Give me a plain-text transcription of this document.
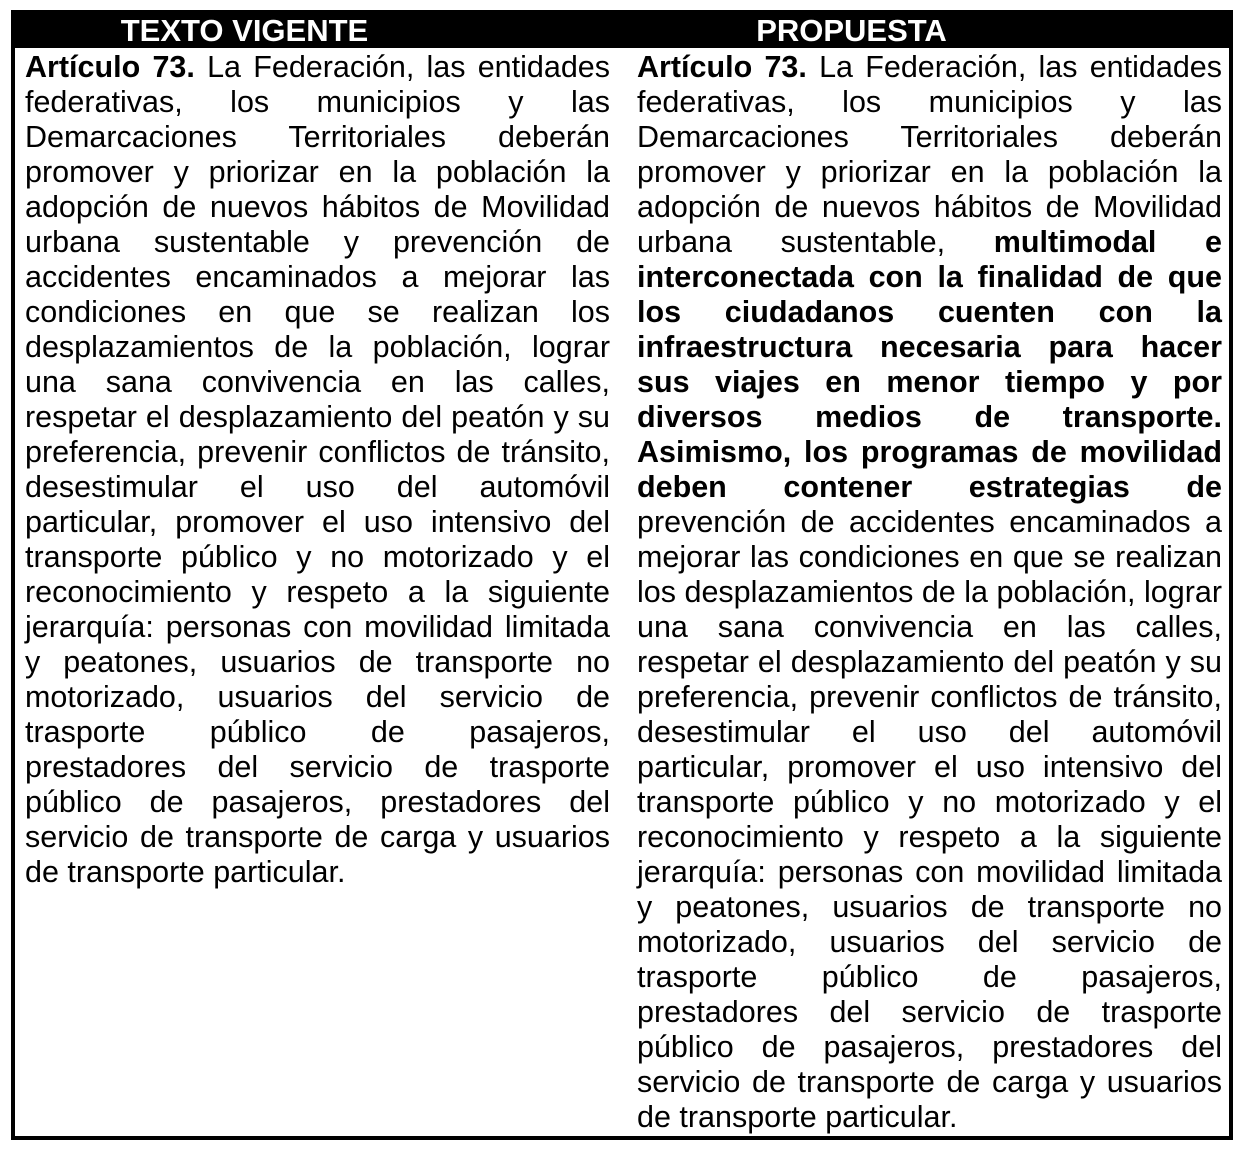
TEXTO VIGENTE	PROPUESTA

Artículo 73. La Federación, las entidades federativas, los municipios y las Demarcaciones Territoriales deberán promover y priorizar en la población la adopción de nuevos hábitos de Movilidad urbana sustentable y prevención de accidentes encaminados a mejorar las condiciones en que se realizan los desplazamientos de la población, lograr una sana convivencia en las calles, respetar el desplazamiento del peatón y su preferencia, prevenir conflictos de tránsito, desestimular el uso del automóvil particular, promover el uso intensivo del transporte público y no motorizado y el reconocimiento y respeto a la siguiente jerarquía: personas con movilidad limitada y peatones, usuarios de transporte no motorizado, usuarios del servicio de trasporte público de pasajeros, prestadores del servicio de trasporte público de pasajeros, prestadores del servicio de transporte de carga y usuarios de transporte particular.

Artículo 73. La Federación, las entidades federativas, los municipios y las Demarcaciones Territoriales deberán promover y priorizar en la población la adopción de nuevos hábitos de Movilidad urbana sustentable, multimodal e interconectada con la finalidad de que los ciudadanos cuenten con la infraestructura necesaria para hacer sus viajes en menor tiempo y por diversos medios de transporte. Asimismo, los programas de movilidad deben contener estrategias de prevención de accidentes encaminados a mejorar las condiciones en que se realizan los desplazamientos de la población, lograr una sana convivencia en las calles, respetar el desplazamiento del peatón y su preferencia, prevenir conflictos de tránsito, desestimular el uso del automóvil particular, promover el uso intensivo del transporte público y no motorizado y el reconocimiento y respeto a la siguiente jerarquía: personas con movilidad limitada y peatones, usuarios de transporte no motorizado, usuarios del servicio de trasporte público de pasajeros, prestadores del servicio de trasporte público de pasajeros, prestadores del servicio de transporte de carga y usuarios de transporte particular.
